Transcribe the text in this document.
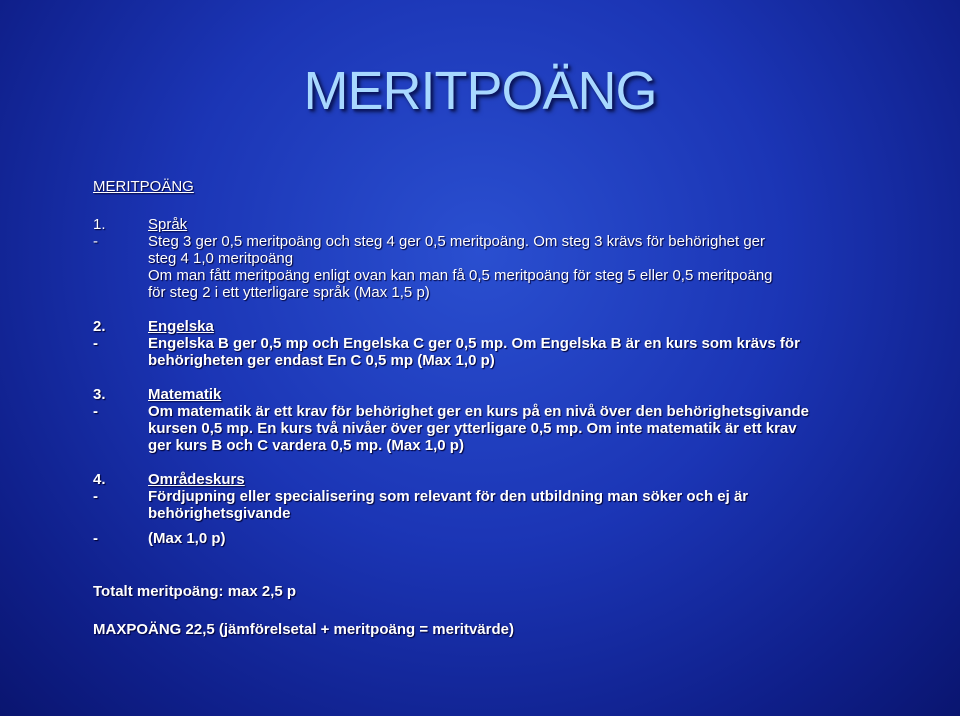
MERITPOÄNG
MERITPOÄNG
1.	Språk
-	Steg 3 ger 0,5 meritpoäng och steg 4 ger 0,5 meritpoäng. Om steg 3 krävs för behörighet ger
steg 4 1,0 meritpoäng
Om man fått meritpoäng enligt ovan kan man få 0,5 meritpoäng för steg 5 eller 0,5 meritpoäng
för steg 2 i ett ytterligare språk (Max 1,5 p)
2.	Engelska
-	Engelska B ger 0,5 mp och Engelska C ger 0,5 mp. Om Engelska B är en kurs som krävs för
behörigheten ger endast En C 0,5 mp (Max 1,0 p)
3.	Matematik
-	Om matematik är ett krav för behörighet ger en kurs på en nivå över den behörighetsgivande
kursen 0,5 mp. En kurs två nivåer över ger ytterligare 0,5 mp. Om inte matematik är ett krav
ger kurs B och C vardera 0,5 mp. (Max 1,0 p)
4.	Områdeskurs
-	Fördjupning eller specialisering som relevant för den utbildning man söker och ej är
behörighetsgivande
-	(Max 1,0 p)
Totalt meritpoäng: max 2,5 p
MAXPOÄNG 22,5 (jämförelsetal + meritpoäng = meritvärde)
